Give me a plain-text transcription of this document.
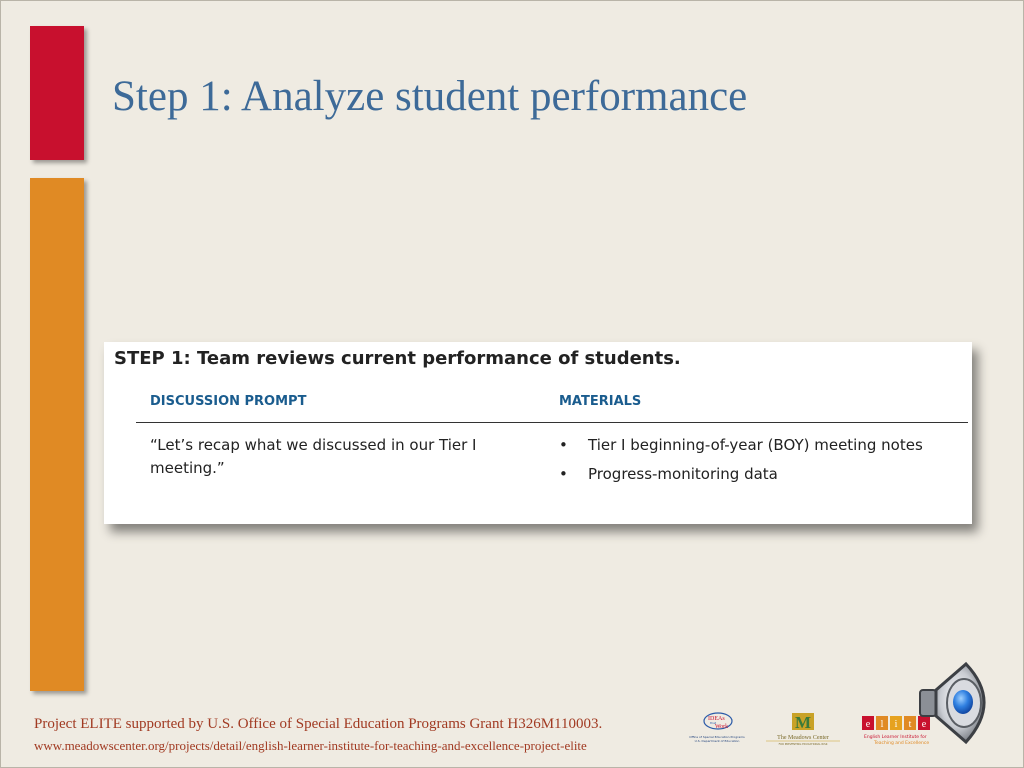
Step 1: Analyze student performance
STEP 1: Team reviews current performance of students.
DISCUSSION PROMPT	MATERIALS
“Let’s recap what we discussed in our Tier I meeting.”
• Tier I beginning-of-year (BOY) meeting notes
• Progress-monitoring data
Project ELITE supported by U.S. Office of Special Education Programs Grant H326M110003.
www.meadowscenter.org/projects/detail/english-learner-institute-for-teaching-and-excellence-project-elite
IDEAs
that
Work
Office of Special Education Programs
U.S. Department of Education
M
The Meadows Center
FOR PREVENTING EDUCATIONAL RISK
e l i t e
English Learner Institute for
Teaching and Excellence
